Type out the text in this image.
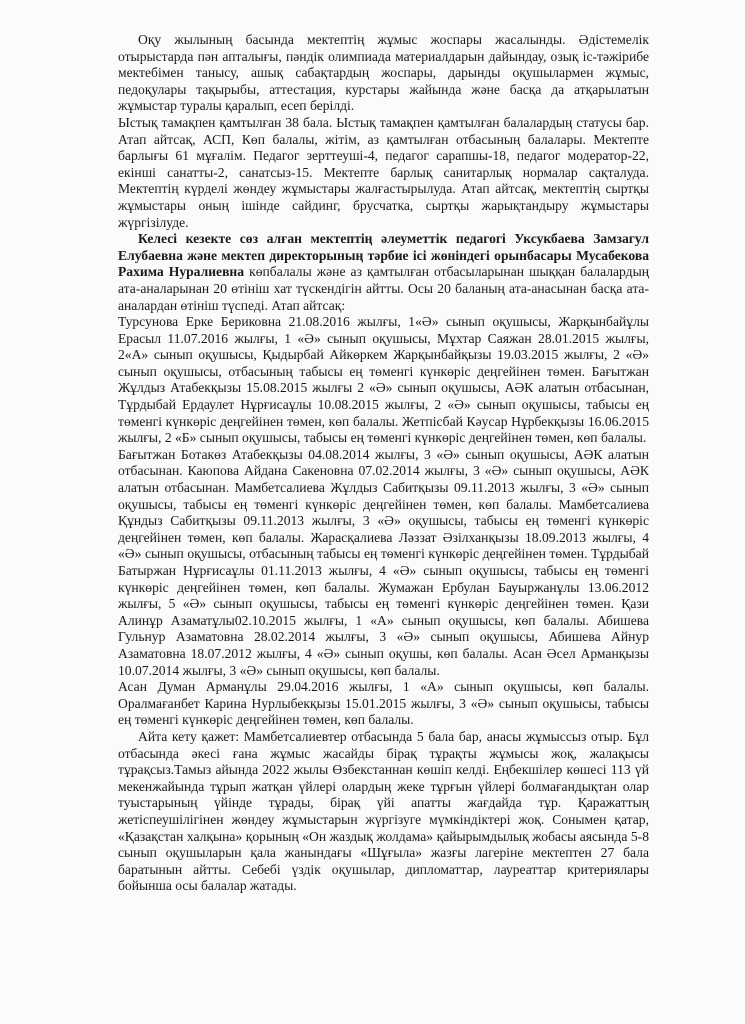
Оқу жылының басында мектептің жұмыс жоспары жасалынды. Әдістемелік отырыстарда пән апталығы, пәндік олимпиада материалдарын дайындау, озық іс-тәжірибе мектебімен танысу, ашық сабақтардың жоспары, дарынды оқушылармен жұмыс, педоқулары тақырыбы, аттестация, курстары жайында және басқа да атқарылатын жұмыстар туралы қаралып, есеп берілді.

Ыстық тамақпен қамтылған 38 бала. Ыстық тамақпен қамтылған балалардың статусы бар. Атап айтсақ, АСП, Көп балалы, жітім, аз қамтылған отбасының балалары. Мектепте барлығы 61 мұғалім. Педагог зерттеуші-4, педагог сарапшы-18, педагог модератор-22, екінші санатты-2, санатсыз-15. Мектепте барлық санитарлық нормалар сақталуда. Мектептің күрделі жөндеу жұмыстары жалғастырылуда. Атап айтсақ, мектептің сыртқы жұмыстары оның ішінде сайдинг, брусчатка, сыртқы жарықтандыру жұмыстары жүргізілуде.

Келесі кезекте сөз алған мектептің әлеуметтік педагогі Уксукбаева Замзагул Елубаевна және мектеп директорының тәрбие ісі жөніндегі орынбасары Мусабекова Рахима Нуралиевна көпбалалы және аз қамтылған отбасыларынан шыққан балалардың ата-аналарынан 20 өтініш хат түскендігін айтты. Осы 20 баланың ата-анасынан басқа ата-аналардан өтініш түспеді. Атап айтсақ:

Турсунова Ерке Бериковна 21.08.2016 жылғы, 1«Ә» сынып оқушысы, Жарқынбайұлы Ерасыл 11.07.2016 жылғы, 1 «Ә» сынып оқушысы, Мұхтар Саяжан 28.01.2015 жылғы, 2«А» сынып оқушысы, Қыдырбай Айкөркем Жарқынбайқызы 19.03.2015 жылғы, 2 «Ә» сынып оқушысы, отбасының табысы ең төменгі күнкөріс деңгейінен төмен. Бағытжан Жұлдыз Атабекқызы 15.08.2015 жылғы 2 «Ә» сынып оқушысы, АӘК алатын отбасынан, Тұрдыбай Ердаулет Нұрғисаұлы 10.08.2015 жылғы, 2 «Ә» сынып оқушысы, табысы ең төменгі күнкөріс деңгейінен төмен, көп балалы. Жетпісбай Кәусар Нұрбекқызы 16.06.2015 жылғы, 2 «Б» сынып оқушысы, табысы ең төменгі күнкөріс деңгейінен төмен, көп балалы.

Бағытжан Ботакөз Атабекқызы 04.08.2014 жылғы, 3 «Ә» сынып оқушысы, АӘК алатын отбасынан. Каюпова Айдана Сакеновна 07.02.2014 жылғы, 3 «Ә» сынып оқушысы, АӘК алатын отбасынан. Мамбетсалиева Жұлдыз Сабитқызы 09.11.2013 жылғы, 3 «Ә» сынып оқушысы, табысы ең төменгі күнкөріс деңгейінен төмен, көп балалы. Мамбетсалиева Құндыз Сабитқызы 09.11.2013 жылғы, 3 «Ә» оқушысы, табысы ең төменгі күнкөріс деңгейінен төмен, көп балалы. Жарасқалиева Ләззат Әзілханқызы 18.09.2013 жылғы, 4 «Ә» сынып оқушысы, отбасының табысы ең төменгі күнкөріс деңгейінен төмен. Тұрдыбай Батыржан Нұрғисаұлы 01.11.2013 жылғы, 4 «Ә» сынып оқушысы, табысы ең төменгі күнкөріс деңгейінен төмен, көп балалы. Жумажан Ербулан Бауыржанұлы 13.06.2012 жылғы, 5 «Ә» сынып оқушысы, табысы ең төменгі күнкөріс деңгейінен төмен. Қази Алинұр Азаматұлы02.10.2015 жылғы, 1 «А» сынып оқушысы, көп балалы. Абишева Гульнур Азаматовна 28.02.2014 жылғы, 3 «Ә» сынып оқушысы, Абишева Айнур Азаматовна 18.07.2012 жылғы, 4 «Ә» сынып оқушы, көп балалы. Асан Әсел Арманқызы 10.07.2014 жылғы, 3 «Ә» сынып оқушысы, көп балалы.

Асан Думан Арманұлы 29.04.2016 жылғы, 1 «А» сынып оқушысы, көп балалы. Оралмағанбет Карина Нурлыбекқызы 15.01.2015 жылғы, 3 «Ә» сынып оқушысы, табысы ең төменгі күнкөріс деңгейінен төмен, көп балалы.

Айта кету қажет: Мамбетсалиевтер отбасында 5 бала бар, анасы жұмыссыз отыр. Бұл отбасында әкесі ғана жұмыс жасайды бірақ тұрақты жұмысы жоқ, жалақысы тұрақсыз.Тамыз айында 2022 жылы Өзбекстаннан көшіп келді. Еңбекшілер көшесі 113 үй мекенжайында тұрып жатқан үйлері олардың жеке тұрғын үйлері болмағандықтан олар туыстарының үйінде тұрады, бірақ үйі апатты жағдайда тұр. Қаражаттың жетіспеушілігінен жөндеу жұмыстарын жүргізуге мүмкіндіктері жоқ. Сонымен қатар, «Қазақстан халқына» қорының «Он жаздық жолдама» қайырымдылық жобасы аясында 5-8 сынып оқушыларын қала жанындағы «Шұғыла» жазғы лагеріне мектептен 27 бала баратынын айтты. Себебі үздік оқушылар, дипломаттар, лауреаттар критериялары бойынша осы балалар жатады.
